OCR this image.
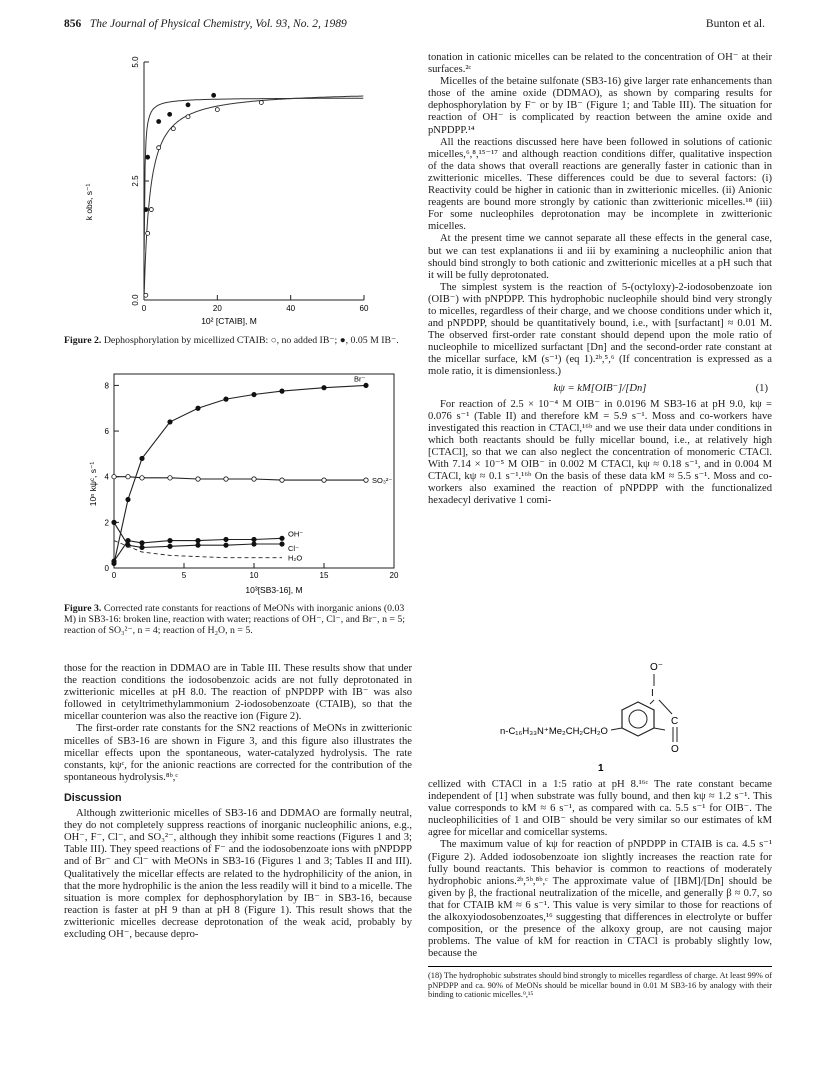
856 The Journal of Physical Chemistry, Vol. 93, No. 2, 1989	Bunton et al.
0.0
2.5
5.0
0	20	40	60
k obs, s⁻¹
10² [CTAIB], M
Figure 2. Dephosphorylation by micellized CTAIB: ○, no added IB⁻; ●, 0.05 M IB⁻.
0
2
4
6
8
0	5	10	15	20
Br⁻
SO₃²⁻
OH⁻
Cl⁻
H₂O
10ⁿ kψᶜ, s⁻¹
10³[SB3-16], M
Figure 3. Corrected rate constants for reactions of MeONs with inorganic anions (0.03 M) in SB3-16: broken line, reaction with water; reactions of OH⁻, Cl⁻, and Br⁻, n = 5; reaction of SO₃²⁻, n = 4; reaction of H₂O, n = 5.

those for the reaction in DDMAO are in Table III. These results show that under the reaction conditions the iodosobenzoic acids are not fully deprotonated in zwitterionic micelles at pH 8.0. The reaction of pNPDPP with IB⁻ was also followed in cetyltrimethylammonium 2-iodosobenzoate (CTAIB), so that the micellar counterion was also the reactive ion (Figure 2).

The first-order rate constants for the SN2 reactions of MeONs in zwitterionic micelles of SB3-16 are shown in Figure 3, and this figure also illustrates the micellar effects upon the spontaneous, water-catalyzed hydrolysis. The rate constants, kψᶜ, for the anionic reactions are corrected for the contribution of the spontaneous hydrolysis.⁸ᵇ,ᶜ

Discussion

Although zwitterionic micelles of SB3-16 and DDMAO are formally neutral, they do not completely suppress reactions of inorganic nucleophilic anions, e.g., OH⁻, F⁻, Cl⁻, and SO₃²⁻, although they inhibit some reactions (Figures 1 and 3; Table III). They speed reactions of F⁻ and the iodosobenzoate ions with pNPDPP and of Br⁻ and Cl⁻ with MeONs in SB3-16 (Figures 1 and 3; Tables II and III). Qualitatively the micellar effects are related to the hydrophilicity of the anion, in that the more hydrophilic is the anion the less readily will it bind to a micelle. The situation is more complex for dephosphorylation by IB⁻ in SB3-16, because reaction is faster at pH 9 than at pH 8 (Figure 1). This result shows that the zwitterionic micelles decrease deprotonation of the weak acid, probably by excluding OH⁻, because depro-

tonation in cationic micelles can be related to the concentration of OH⁻ at their surfaces.²ᶜ

Micelles of the betaine sulfonate (SB3-16) give larger rate enhancements than those of the amine oxide (DDMAO), as shown by comparing results for dephosphorylation by F⁻ or by IB⁻ (Figure 1; and Table III). The situation for reaction of OH⁻ is complicated by reaction between the amine oxide and pNPDPP.¹⁴

All the reactions discussed here have been followed in solutions of cationic micelles,⁶,⁸,¹⁵⁻¹⁷ and although reaction conditions differ, qualitative inspection of the data shows that overall reactions are generally faster in cationic than in zwitterionic micelles. These differences could be due to several factors: (i) Reactivity could be higher in cationic than in zwitterionic micelles. (ii) Anionic reagents are bound more strongly by cationic than zwitterionic micelles.¹⁸ (iii) For some nucleophiles deprotonation may be incomplete in zwitterionic micelles.

At the present time we cannot separate all these effects in the general case, but we can test explanations ii and iii by examining a nucleophilic anion that should bind strongly to both cationic and zwitterionic micelles at a pH such that it will be fully deprotonated.

The simplest system is the reaction of 5-(octyloxy)-2-iodosobenzoate ion (OIB⁻) with pNPDPP. This hydrophobic nucleophile should bind very strongly to micelles, regardless of their charge, and we choose conditions under which it, and pNPDPP, should be quantitatively bound, i.e., with [surfactant] ≈ 0.01 M. The observed first-order rate constant should depend upon the mole ratio of nucleophile to micellized surfactant [Dn] and the second-order rate constant at the micellar surface, kM (s⁻¹) (eq 1).²ᵇ,⁵,⁶ (If concentration is expressed as a mole ratio, it is dimensionless.)

kψ = kM[OIB⁻]/[Dn]	(1)

For reaction of 2.5 × 10⁻⁴ M OIB⁻ in 0.0196 M SB3-16 at pH 9.0, kψ = 0.076 s⁻¹ (Table II) and therefore kM = 5.9 s⁻¹. Moss and co-workers have investigated this reaction in CTACl,¹⁶ᵇ and we use their data under conditions in which both reactants should be fully micellar bound, i.e., at relatively high [CTACl], so that we can also neglect the concentration of monomeric CTACl. With 7.14 × 10⁻⁵ M OIB⁻ in 0.002 M CTACl, kψ ≈ 0.18 s⁻¹, and in 0.004 M CTACl, kψ ≈ 0.1 s⁻¹.¹⁶ᵇ On the basis of these data kM ≈ 5.5 s⁻¹. Moss and co-workers also examined the reaction of pNPDPP with the functionalized hexadecyl derivative 1 comi-

O⁻
I
C
O
n-C₁₆H₃₃N⁺Me₂CH₂CH₂O
1

cellized with CTACl in a 1:5 ratio at pH 8.¹⁶ᶜ The rate constant became independent of [1] when substrate was fully bound, and then kψ ≈ 1.2 s⁻¹. This value corresponds to kM ≈ 6 s⁻¹, as compared with ca. 5.5 s⁻¹ for OIB⁻. The nucleophilicities of 1 and OIB⁻ should be very similar so our estimates of kM agree for micellar and comicellar systems.

The maximum value of kψ for reaction of pNPDPP in CTAIB is ca. 4.5 s⁻¹ (Figure 2). Added iodosobenzoate ion slightly increases the reaction rate for fully bound reactants. This behavior is common to reactions of moderately hydrophobic anions.²ᵇ,⁵ᵇ,⁸ᵇ,ᶜ The approximate value of [IBM]/[Dn] should be given by β, the fractional neutralization of the micelle, and generally β ≈ 0.7, so that for CTAIB kM ≈ 6 s⁻¹. This value is very similar to those for reactions of the alkoxyiodosobenzoates,¹⁶ suggesting that differences in electrolyte or buffer composition, or the presence of the alkoxy group, are not causing major problems. The value of kM for reaction in CTACl is probably slightly low, because the

(18) The hydrophobic substrates should bind strongly to micelles regardless of charge. At least 99% of pNPDPP and ca. 90% of MeONs should be micellar bound in 0.01 M SB3-16 by analogy with their binding to cationic micelles.⁹,¹⁵
